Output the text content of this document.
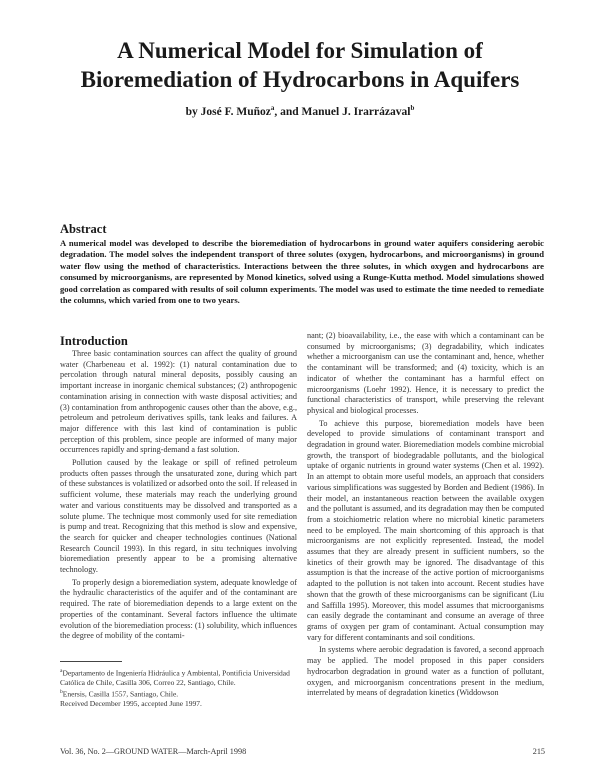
A Numerical Model for Simulation of
Bioremediation of Hydrocarbons in Aquifers

by José F. Muñoz$^a$, and Manuel J. Irarrázaval$^b$

Abstract

A numerical model was developed to describe the bioremediation of hydrocarbons in ground water aquifers considering aerobic degradation. The model solves the independent transport of three solutes (oxygen, hydrocarbons, and microorganisms) in ground water flow using the method of characteristics. Interactions between the three solutes, in which oxygen and hydrocarbons are consumed by microorganisms, are represented by Monod kinetics, solved using a Runge-Kutta method. Model simulations showed good correlation as compared with results of soil column experiments. The model was used to estimate the time needed to remediate the columns, which varied from one to two years.

Introduction

Three basic contamination sources can affect the quality of ground water (Charbeneau et al. 1992): (1) natural contamination due to percolation through natural mineral deposits, possibly causing an important increase in inorganic chemical substances; (2) anthropogenic contamination arising in connection with waste disposal activities; and (3) contamination from anthropogenic causes other than the above, e.g., petroleum and petroleum derivatives spills, tank leaks and failures. A major difference with this last kind of contamination is public perception of this problem, since people are informed of many major occurrences rapidly and spring-demand a fast solution.

Pollution caused by the leakage or spill of refined petroleum products often passes through the unsaturated zone, during which part of these substances is volatilized or adsorbed onto the soil. If released in sufficient volume, these materials may reach the underlying ground water and various constituents may be dissolved and transported as a solute plume. The technique most commonly used for site remediation is pump and treat. Recognizing that this method is slow and expensive, the search for quicker and cheaper technologies continues (National Research Council 1993). In this regard, in situ techniques involving bioremediation presently appear to be a promising alternative technology.

To properly design a bioremediation system, adequate knowledge of the hydraulic characteristics of the aquifer and of the contaminant are required. The rate of bioremediation depends to a large extent on the properties of the contaminant. Several factors influence the ultimate evolution of the bioremediation process: (1) solubility, which influences the degree of mobility of the contami-

nant; (2) bioavailability, i.e., the ease with which a contaminant can be consumed by microorganisms; (3) degradability, which indicates whether a microorganism can use the contaminant and, hence, whether the contaminant will be transformed; and (4) toxicity, which is an indicator of whether the contaminant has a harmful effect on microorganisms (Loehr 1992). Hence, it is necessary to predict the functional characteristics of transport, while preserving the relevant physical and biological processes.

To achieve this purpose, bioremediation models have been developed to provide simulations of contaminant transport and degradation in ground water. Bioremediation models combine microbial growth, the transport of biodegradable pollutants, and the biological uptake of organic nutrients in ground water systems (Chen et al. 1992). In an attempt to obtain more useful models, an approach that considers various simplifications was suggested by Borden and Bedient (1986). In their model, an instantaneous reaction between the available oxygen and the pollutant is assumed, and its degradation may then be computed from a stoichiometric relation where no microbial kinetic parameters need to be employed. The main shortcoming of this approach is that microorganisms are not explicitly represented. Instead, the model assumes that they are already present in sufficient numbers, so the kinetics of their growth may be ignored. The disadvantage of this assumption is that the increase of the active portion of microorganisms adapted to the pollution is not taken into account. Recent studies have shown that the growth of these microorganisms can be significant (Liu and Saffilla 1995). Moreover, this model assumes that microorganisms can easily degrade the contaminant and consume an average of three grams of oxygen per gram of contaminant. Actual consumption may vary for different contaminants and soil conditions.

In systems where aerobic degradation is favored, a second approach may be applied. The model proposed in this paper considers hydrocarbon degradation in ground water as a function of pollutant, oxygen, and microorganism concentrations present in the medium, interrelated by means of degradation kinetics (Widdowson

$^a$Departamento de Ingeniería Hidráulica y Ambiental, Pontificia Universidad Católica de Chile, Casilla 306, Correo 22, Santiago, Chile.

$^b$Enersis, Casilla 1557, Santiago, Chile.

Received December 1995, accepted June 1997.

Vol. 36, No. 2—GROUND WATER—March-April 1998	215
